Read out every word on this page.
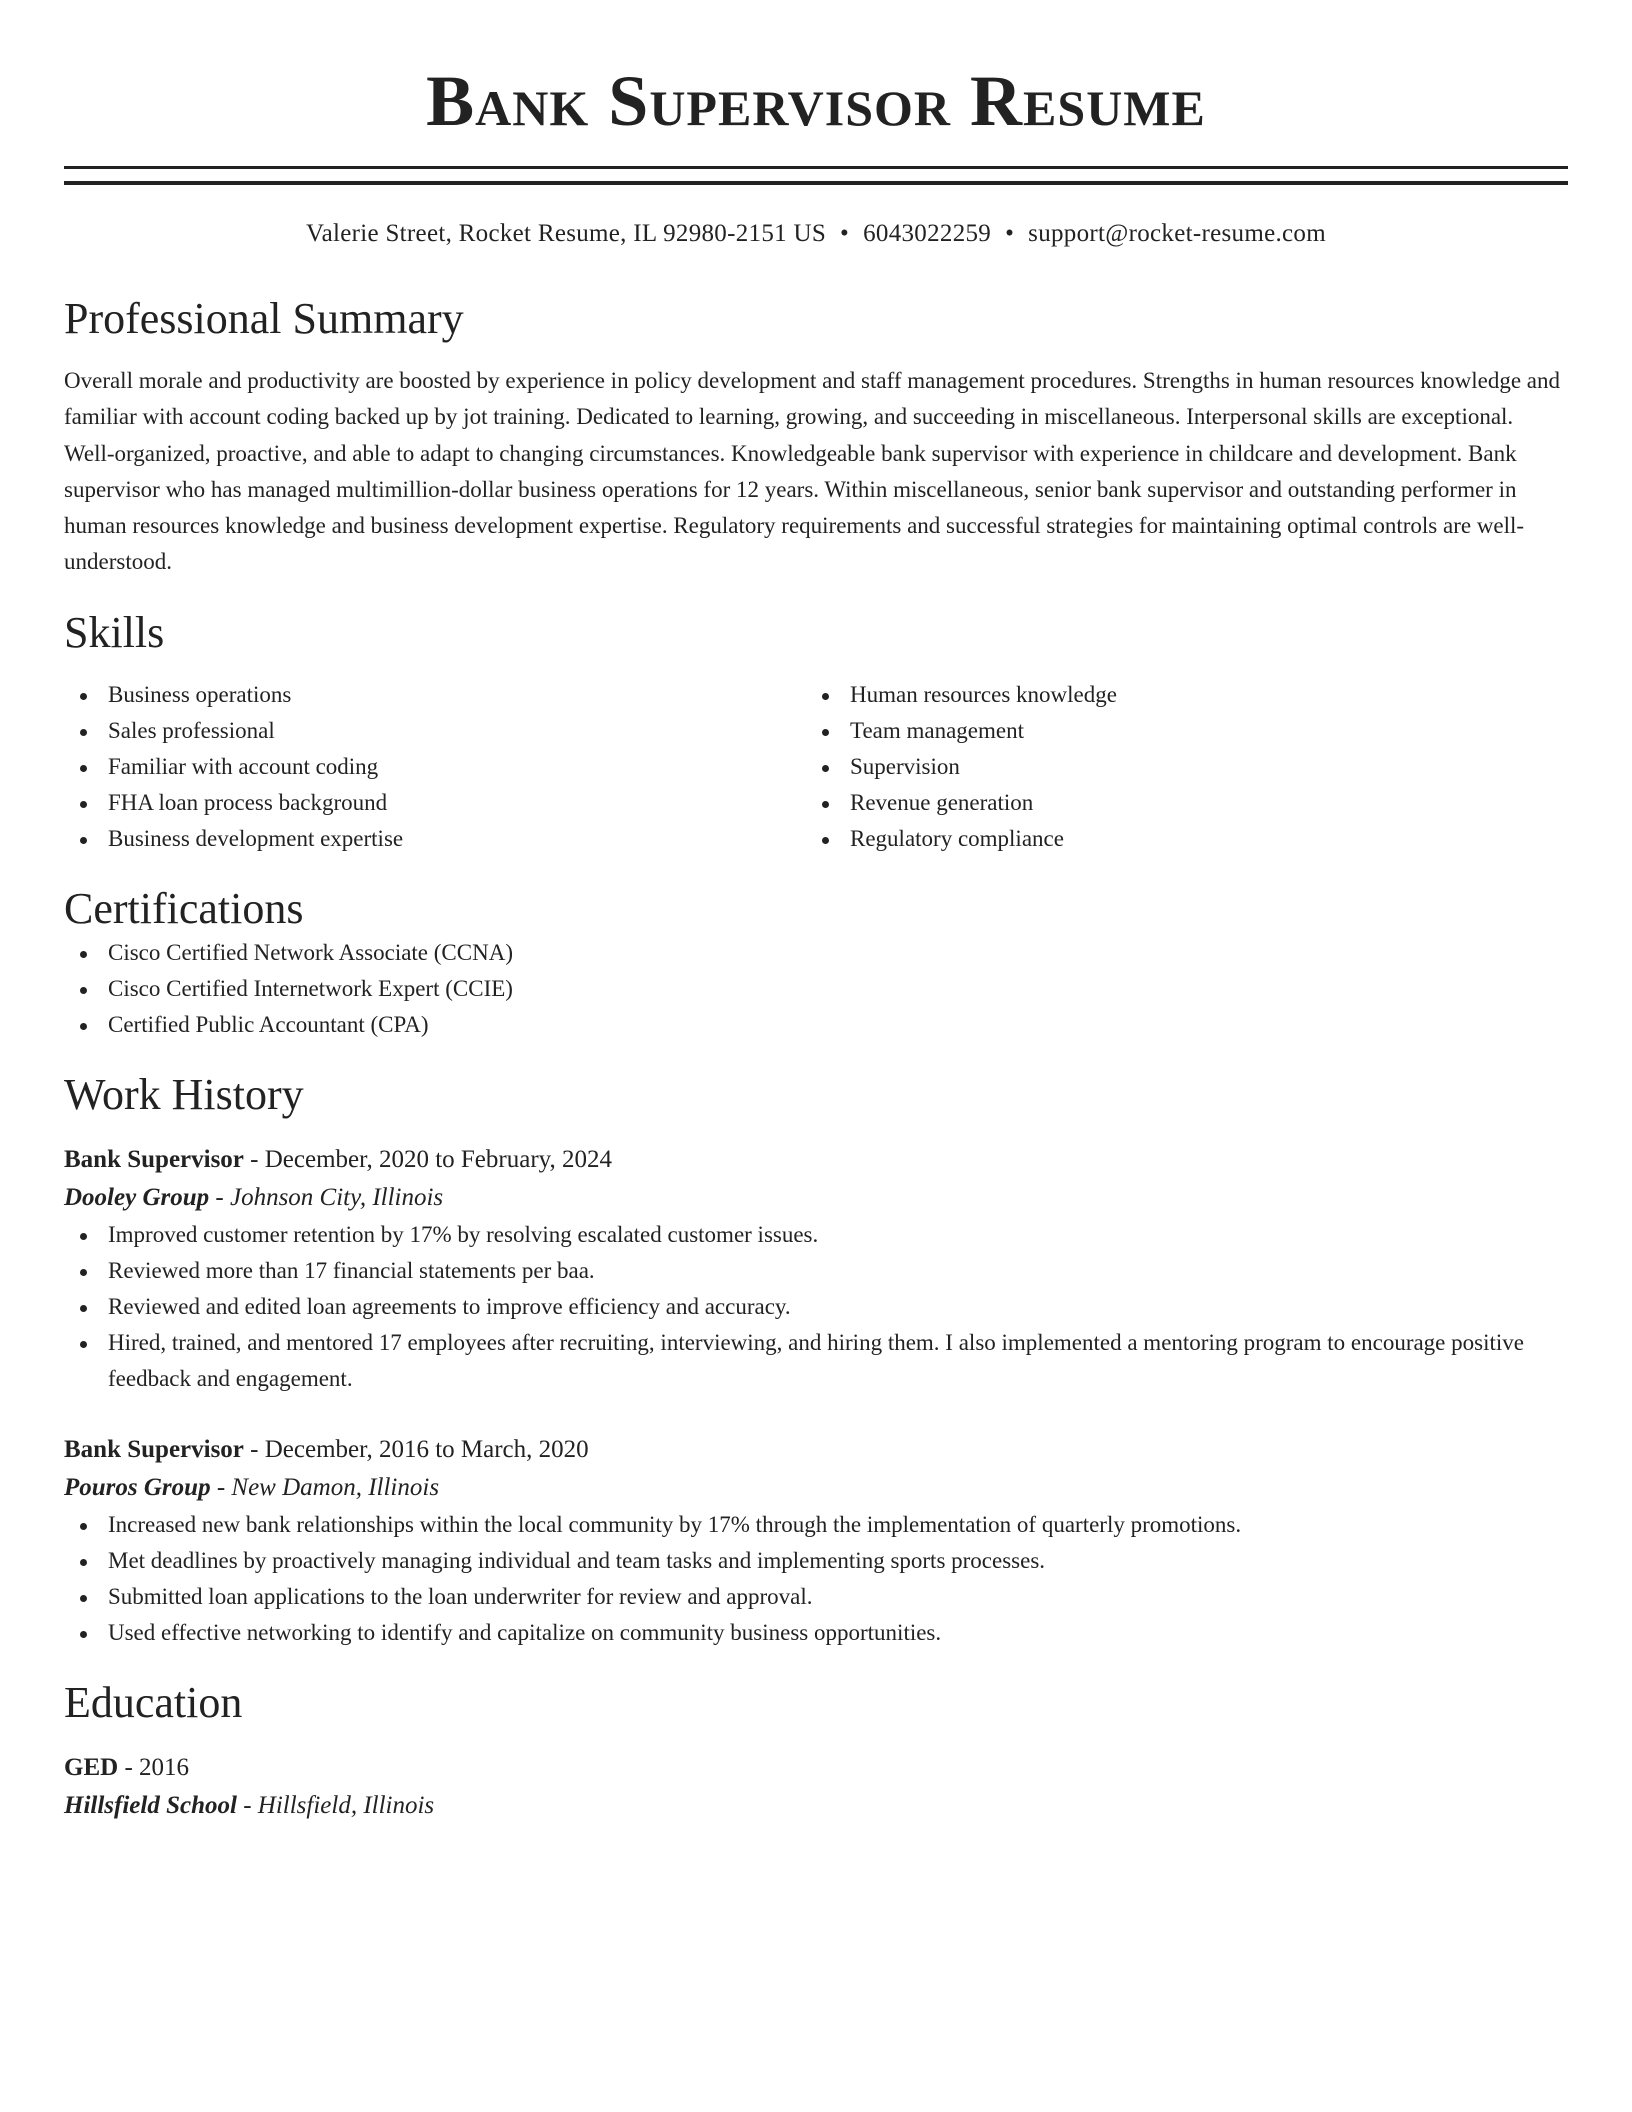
Bank Supervisor Resume
Valerie Street, Rocket Resume, IL 92980-2151 US • 6043022259 • support@rocket-resume.com
Professional Summary

Overall morale and productivity are boosted by experience in policy development and staff management procedures. Strengths in human resources knowledge and familiar with account coding backed up by jot training. Dedicated to learning, growing, and succeeding in miscellaneous. Interpersonal skills are exceptional. Well-organized, proactive, and able to adapt to changing circumstances. Knowledgeable bank supervisor with experience in childcare and development. Bank supervisor who has managed multimillion-dollar business operations for 12 years. Within miscellaneous, senior bank supervisor and outstanding performer in human resources knowledge and business development expertise. Regulatory requirements and successful strategies for maintaining optimal controls are well-understood.

Skills
Business operations
Sales professional
Familiar with account coding
FHA loan process background
Business development expertise
Human resources knowledge
Team management
Supervision
Revenue generation
Regulatory compliance
Certifications
Cisco Certified Network Associate (CCNA)
Cisco Certified Internetwork Expert (CCIE)
Certified Public Accountant (CPA)
Work History
Bank Supervisor - December, 2020 to February, 2024
Dooley Group - Johnson City, Illinois
Improved customer retention by 17% by resolving escalated customer issues.
Reviewed more than 17 financial statements per baa.
Reviewed and edited loan agreements to improve efficiency and accuracy.
Hired, trained, and mentored 17 employees after recruiting, interviewing, and hiring them. I also implemented a mentoring program to encourage positive feedback and engagement.
Bank Supervisor - December, 2016 to March, 2020
Pouros Group - New Damon, Illinois
Increased new bank relationships within the local community by 17% through the implementation of quarterly promotions.
Met deadlines by proactively managing individual and team tasks and implementing sports processes.
Submitted loan applications to the loan underwriter for review and approval.
Used effective networking to identify and capitalize on community business opportunities.
Education
GED - 2016
Hillsfield School - Hillsfield, Illinois
